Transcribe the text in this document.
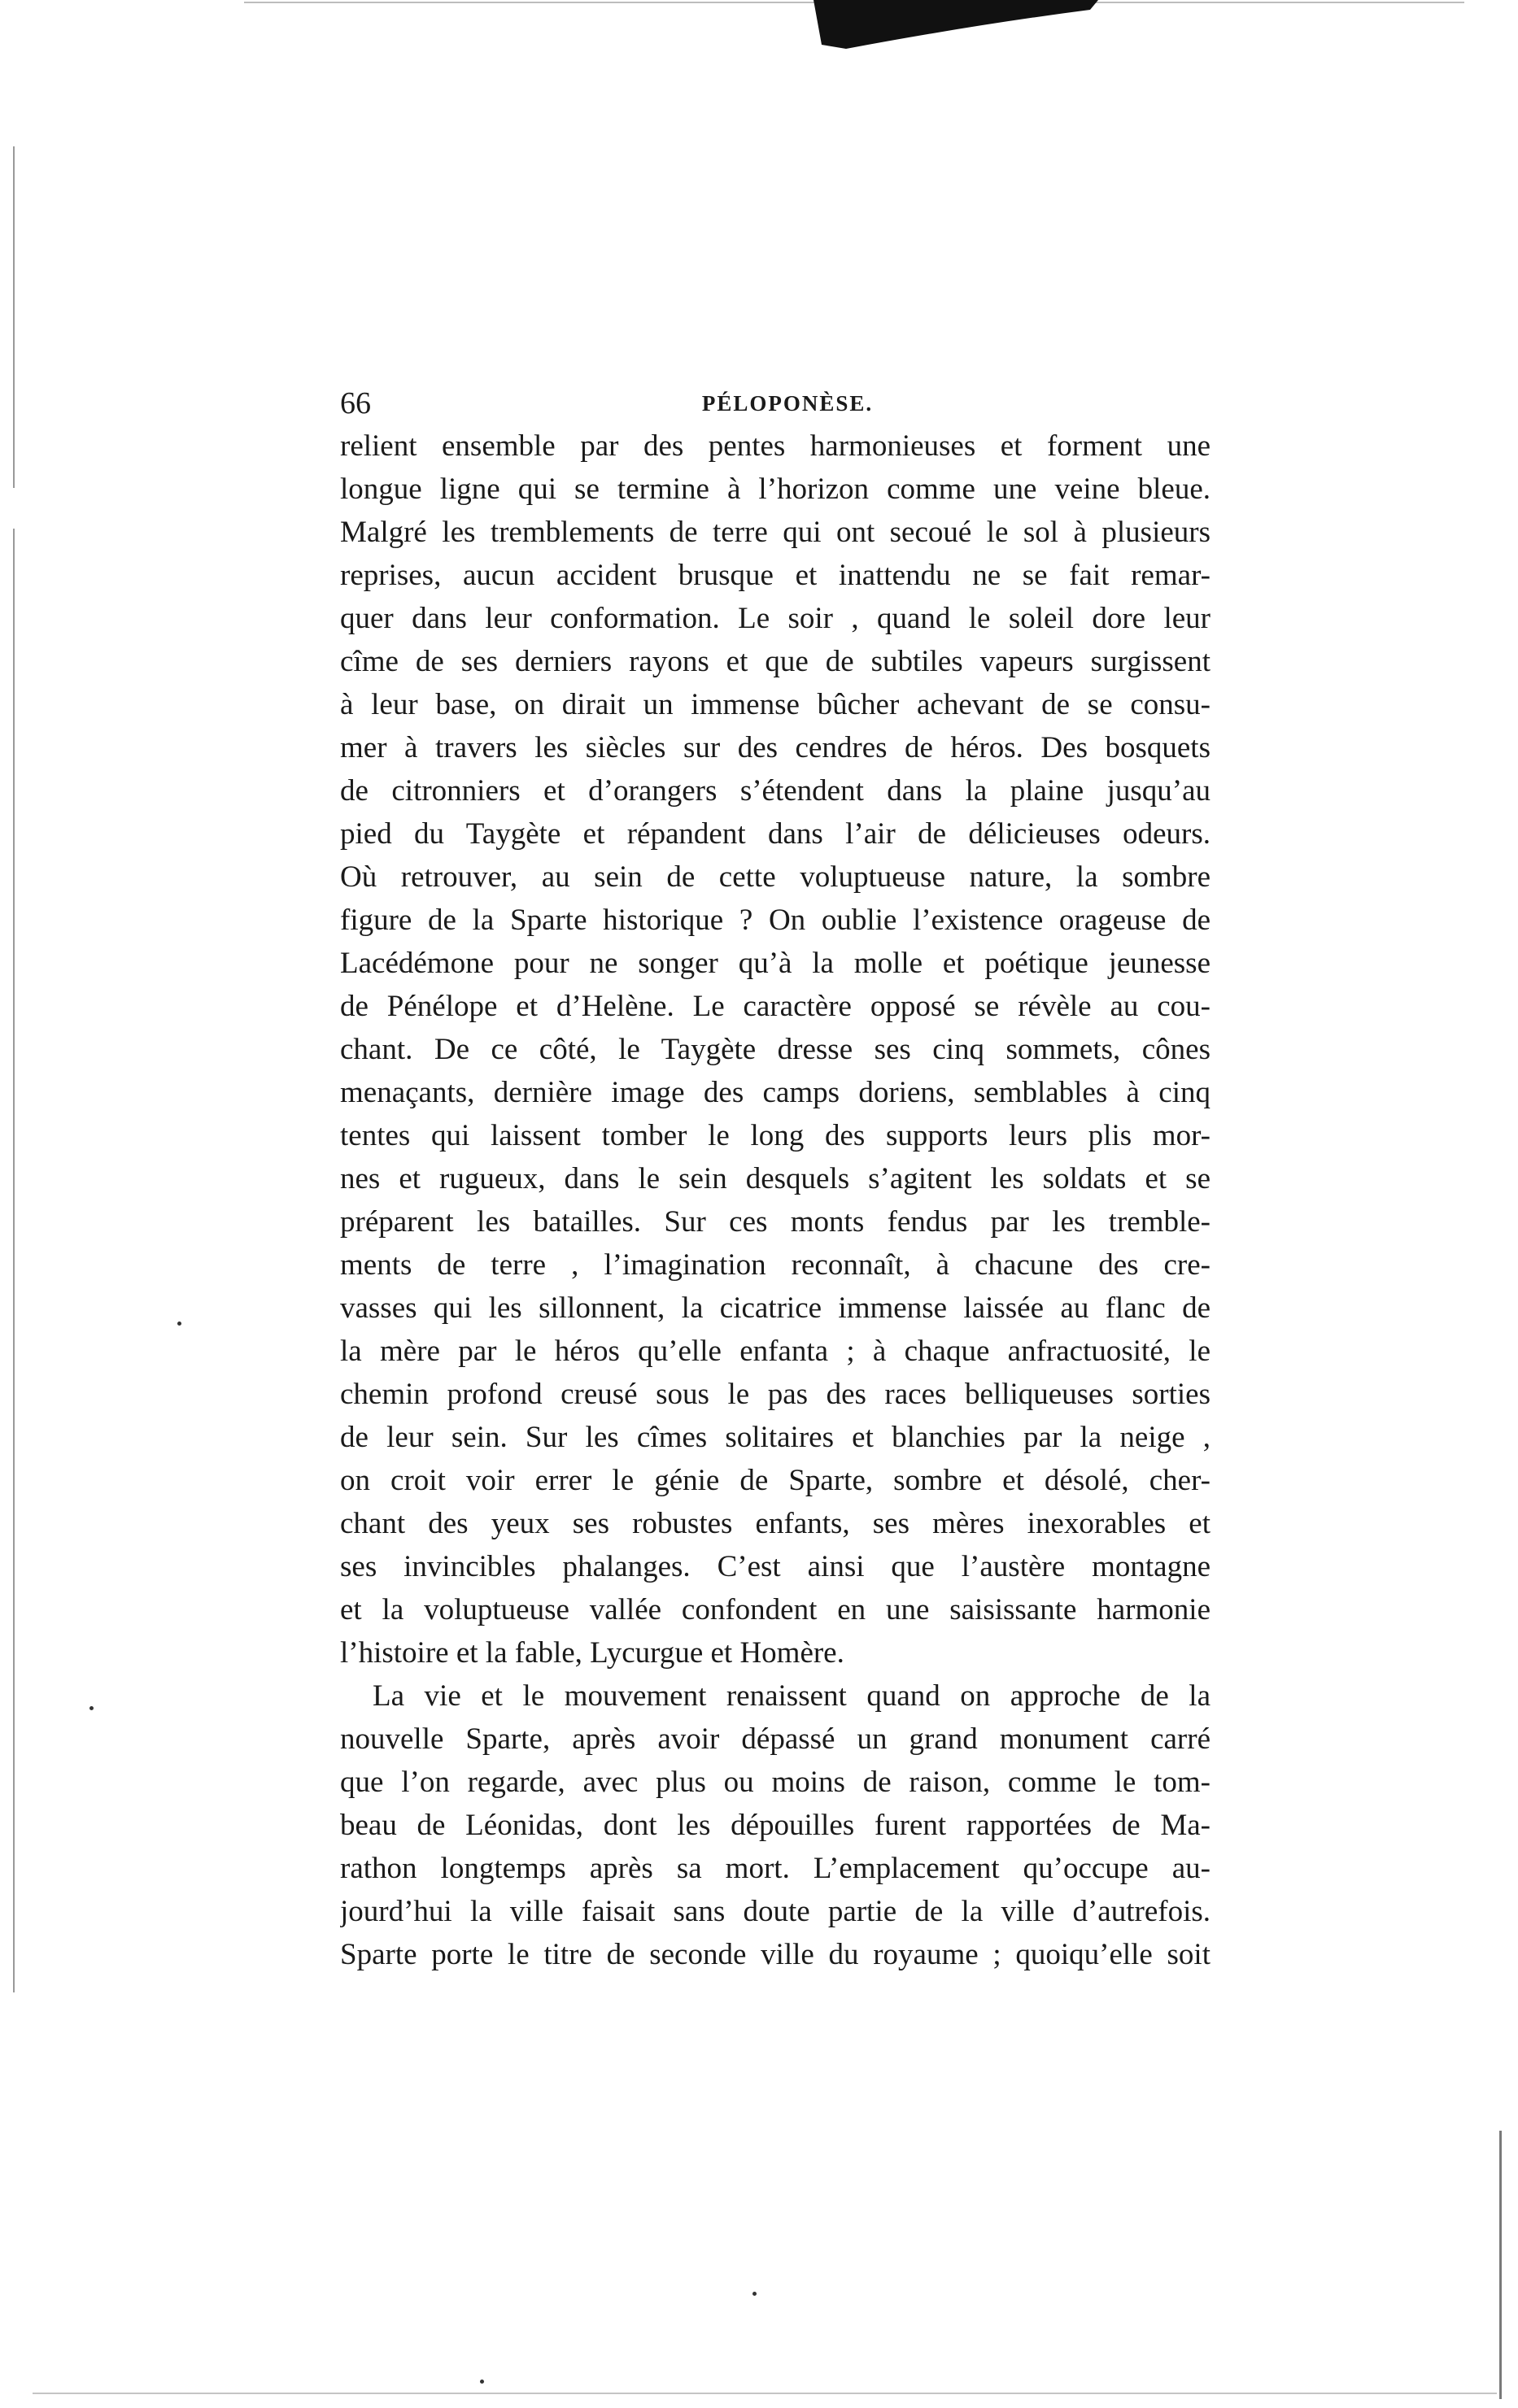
66	PÉLOPONÈSE.
relient ensemble par des pentes harmonieuses et forment une
longue ligne qui se termine à l’horizon comme une veine bleue.
Malgré les tremblements de terre qui ont secoué le sol à plusieurs
reprises, aucun accident brusque et inattendu ne se fait remar-
quer dans leur conformation. Le soir , quand le soleil dore leur
cîme de ses derniers rayons et que de subtiles vapeurs surgissent
à leur base, on dirait un immense bûcher achevant de se consu-
mer à travers les siècles sur des cendres de héros. Des bosquets
de citronniers et d’orangers s’étendent dans la plaine jusqu’au
pied du Taygète et répandent dans l’air de délicieuses odeurs.
Où retrouver, au sein de cette voluptueuse nature, la sombre
figure de la Sparte historique ? On oublie l’existence orageuse de
Lacédémone pour ne songer qu’à la molle et poétique jeunesse
de Pénélope et d’Helène. Le caractère opposé se révèle au cou-
chant. De ce côté, le Taygète dresse ses cinq sommets, cônes
menaçants, dernière image des camps doriens, semblables à cinq
tentes qui laissent tomber le long des supports leurs plis mor-
nes et rugueux, dans le sein desquels s’agitent les soldats et se
préparent les batailles. Sur ces monts fendus par les tremble-
ments de terre , l’imagination reconnaît, à chacune des cre-
vasses qui les sillonnent, la cicatrice immense laissée au flanc de
la mère par le héros qu’elle enfanta ; à chaque anfractuosité, le
chemin profond creusé sous le pas des races belliqueuses sorties
de leur sein. Sur les cîmes solitaires et blanchies par la neige ,
on croit voir errer le génie de Sparte, sombre et désolé, cher-
chant des yeux ses robustes enfants, ses mères inexorables et
ses invincibles phalanges. C’est ainsi que l’austère montagne
et la voluptueuse vallée confondent en une saisissante harmonie
l’histoire et la fable, Lycurgue et Homère.
La vie et le mouvement renaissent quand on approche de la
nouvelle Sparte, après avoir dépassé un grand monument carré
que l’on regarde, avec plus ou moins de raison, comme le tom-
beau de Léonidas, dont les dépouilles furent rapportées de Ma-
rathon longtemps après sa mort. L’emplacement qu’occupe au-
jourd’hui la ville faisait sans doute partie de la ville d’autrefois.
Sparte porte le titre de seconde ville du royaume ; quoiqu’elle soit
